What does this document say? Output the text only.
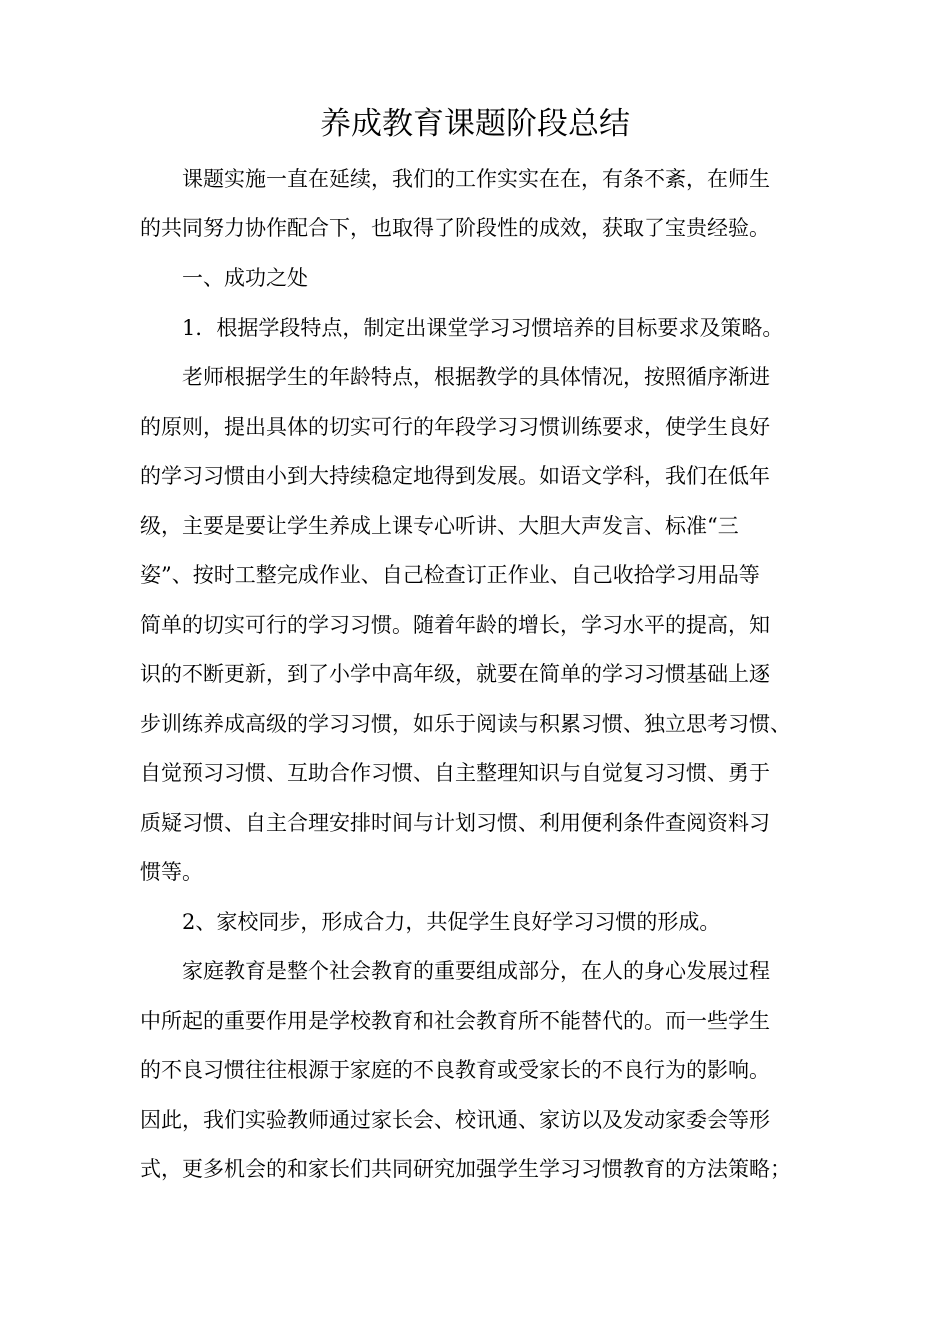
养成教育课题阶段总结

课题实施一直在延续，我们的工作实实在在，有条不紊，在师生

的共同努力协作配合下，也取得了阶段性的成效，获取了宝贵经验。

一、成功之处

1．根据学段特点，制定出课堂学习习惯培养的目标要求及策略。

老师根据学生的年龄特点，根据教学的具体情况，按照循序渐进

的原则，提出具体的切实可行的年段学习习惯训练要求，使学生良好

的学习习惯由小到大持续稳定地得到发展。如语文学科，我们在低年

级，主要是要让学生养成上课专心听讲、大胆大声发言、标准“三

姿”、按时工整完成作业、自己检查订正作业、自己收拾学习用品等

简单的切实可行的学习习惯。随着年龄的增长，学习水平的提高，知

识的不断更新，到了小学中高年级，就要在简单的学习习惯基础上逐

步训练养成高级的学习习惯，如乐于阅读与积累习惯、独立思考习惯、

自觉预习习惯、互助合作习惯、自主整理知识与自觉复习习惯、勇于

质疑习惯、自主合理安排时间与计划习惯、利用便利条件查阅资料习

惯等。

2、家校同步，形成合力，共促学生良好学习习惯的形成。

家庭教育是整个社会教育的重要组成部分，在人的身心发展过程

中所起的重要作用是学校教育和社会教育所不能替代的。而一些学生

的不良习惯往往根源于家庭的不良教育或受家长的不良行为的影响。

因此，我们实验教师通过家长会、校讯通、家访以及发动家委会等形

式，更多机会的和家长们共同研究加强学生学习习惯教育的方法策略；
